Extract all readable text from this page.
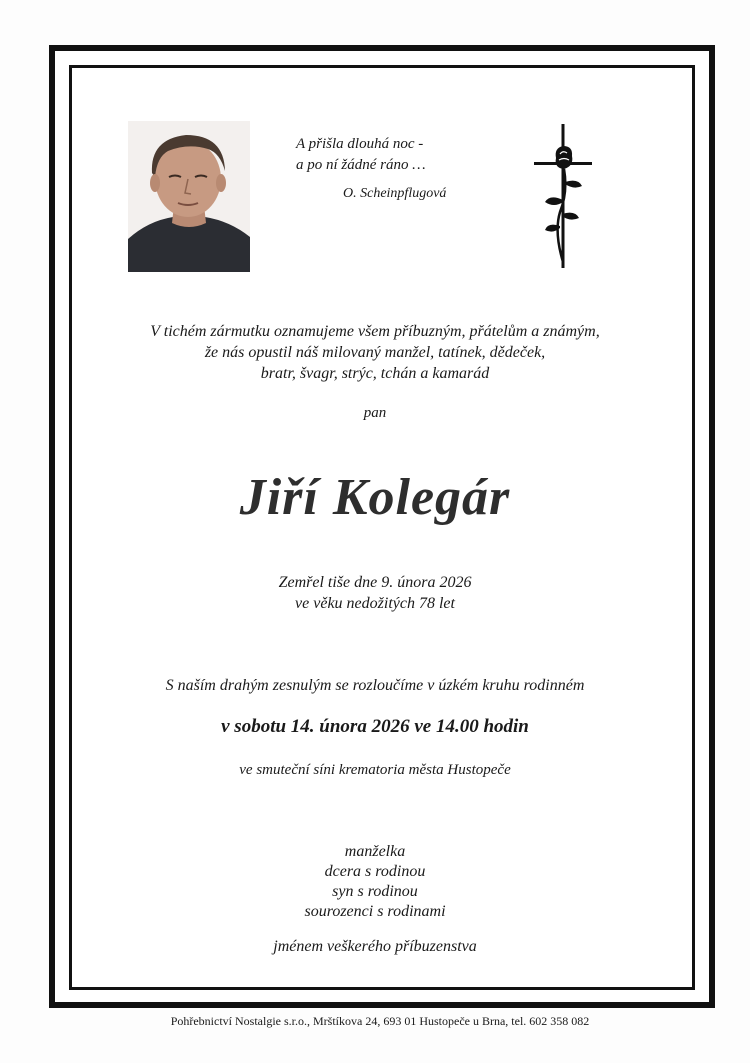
A přišla dlouhá noc -
a po ní žádné ráno …
O. Scheinpflugová
V tichém zármutku oznamujeme všem příbuzným, přátelům a známým,
že nás opustil náš milovaný manžel, tatínek, dědeček,
bratr, švagr, strýc, tchán a kamarád
pan
Jiří Kolegár
Zemřel tiše dne 9. února 2026
ve věku nedožitých 78 let
S naším drahým zesnulým se rozloučíme v úzkém kruhu rodinném
v sobotu 14. února 2026 ve 14.00 hodin
ve smuteční síni krematoria města Hustopeče
manželka
dcera s rodinou
syn s rodinou
sourozenci s rodinami
jménem veškerého příbuzenstva
Pohřebnictví Nostalgie s.r.o., Mrštíkova 24, 693 01 Hustopeče u Brna, tel. 602 358 082
